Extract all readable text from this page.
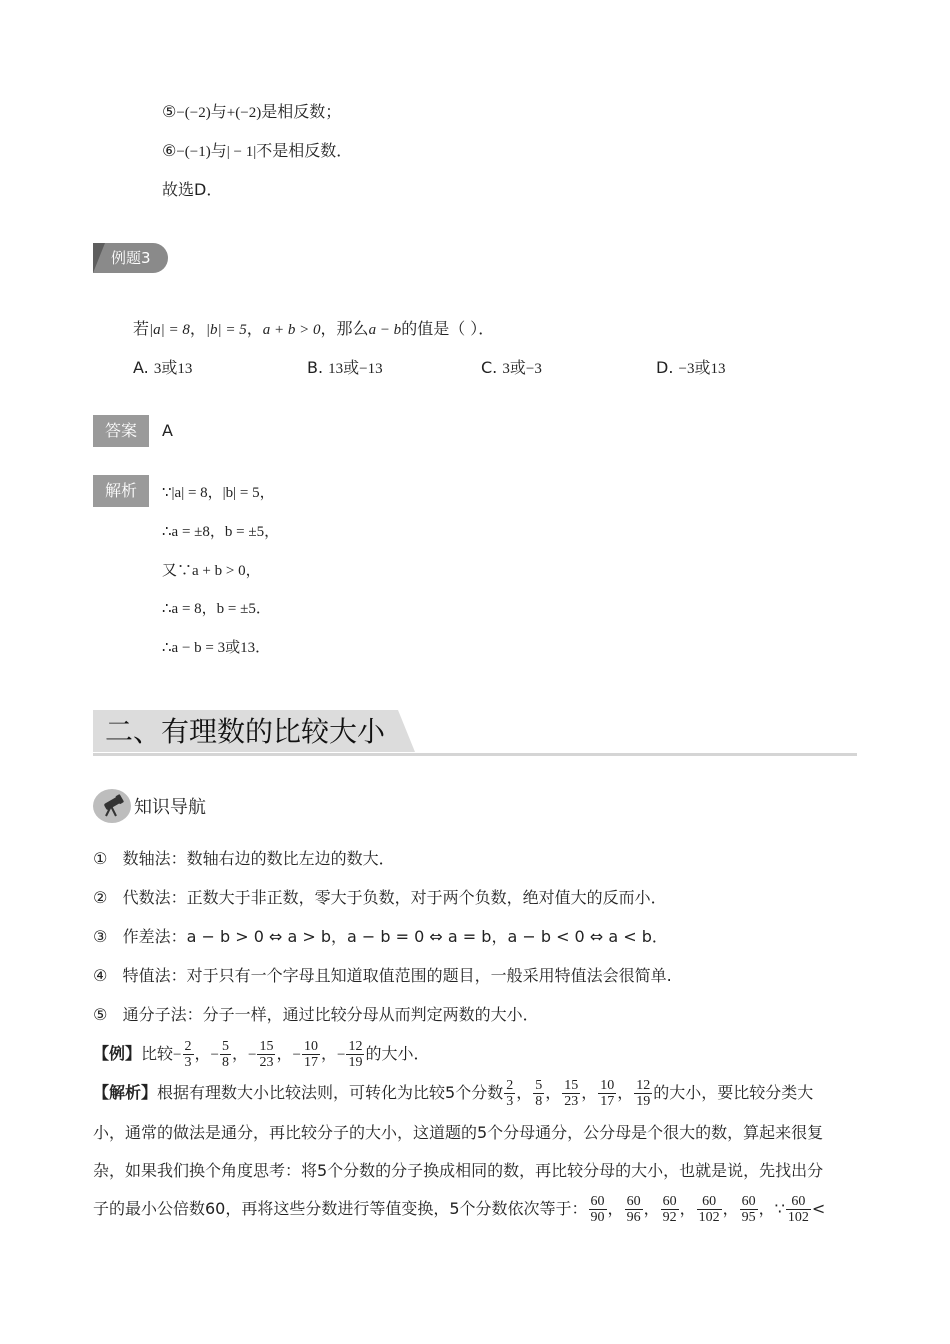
⑤−(−2)与+(−2)是相反数；
⑥−(−1)与| − 1|不是相反数．
故选D．
例题3
若|a| = 8，|b| = 5，a + b > 0，那么a − b的值是（ ）．
A. 3或13	B. 13或−13	C. 3或−3	D. −3或13
答案	A
解析	∵|a| = 8，|b| = 5，
∴a = ±8，b = ±5，
又∵a + b > 0，
∴a = 8，b = ±5．
∴a − b = 3或13．
二、有理数的比较大小
知识导航
① 数轴法：数轴右边的数比左边的数大．
② 代数法：正数大于非正数，零大于负数，对于两个负数，绝对值大的反而小．
③ 作差法：a − b > 0 ⇔ a > b，a − b = 0 ⇔ a = b，a − b < 0 ⇔ a < b．
④ 特值法：对于只有一个字母且知道取值范围的题目，一般采用特值法会很简单.
⑤ 通分子法：分子一样，通过比较分母从而判定两数的大小．
【例】比较− $\frac{2}{3}$ ，− $\frac{5}{8}$ ，− $\frac{15}{23}$ ，− $\frac{10}{17}$ ，− $\frac{12}{19}$ 的大小．
【解析】根据有理数大小比较法则，可转化为比较5个分数 $\frac{2}{3}$ ， $\frac{5}{8}$ ， $\frac{15}{23}$ ， $\frac{10}{17}$ ， $\frac{12}{19}$ 的大小，要比较分类大
小，通常的做法是通分，再比较分子的大小，这道题的5个分母通分，公分母是个很大的数，算起来很复
杂，如果我们换个角度思考：将5个分数的分子换成相同的数，再比较分母的大小，也就是说，先找出分
子的最小公倍数60，再将这些分数进行等值变换，5个分数依次等于： $\frac{60}{90}$ ， $\frac{60}{96}$ ， $\frac{60}{92}$ ， $\frac{60}{102}$ ， $\frac{60}{95}$ ，∵ $\frac{60}{102}$ <
